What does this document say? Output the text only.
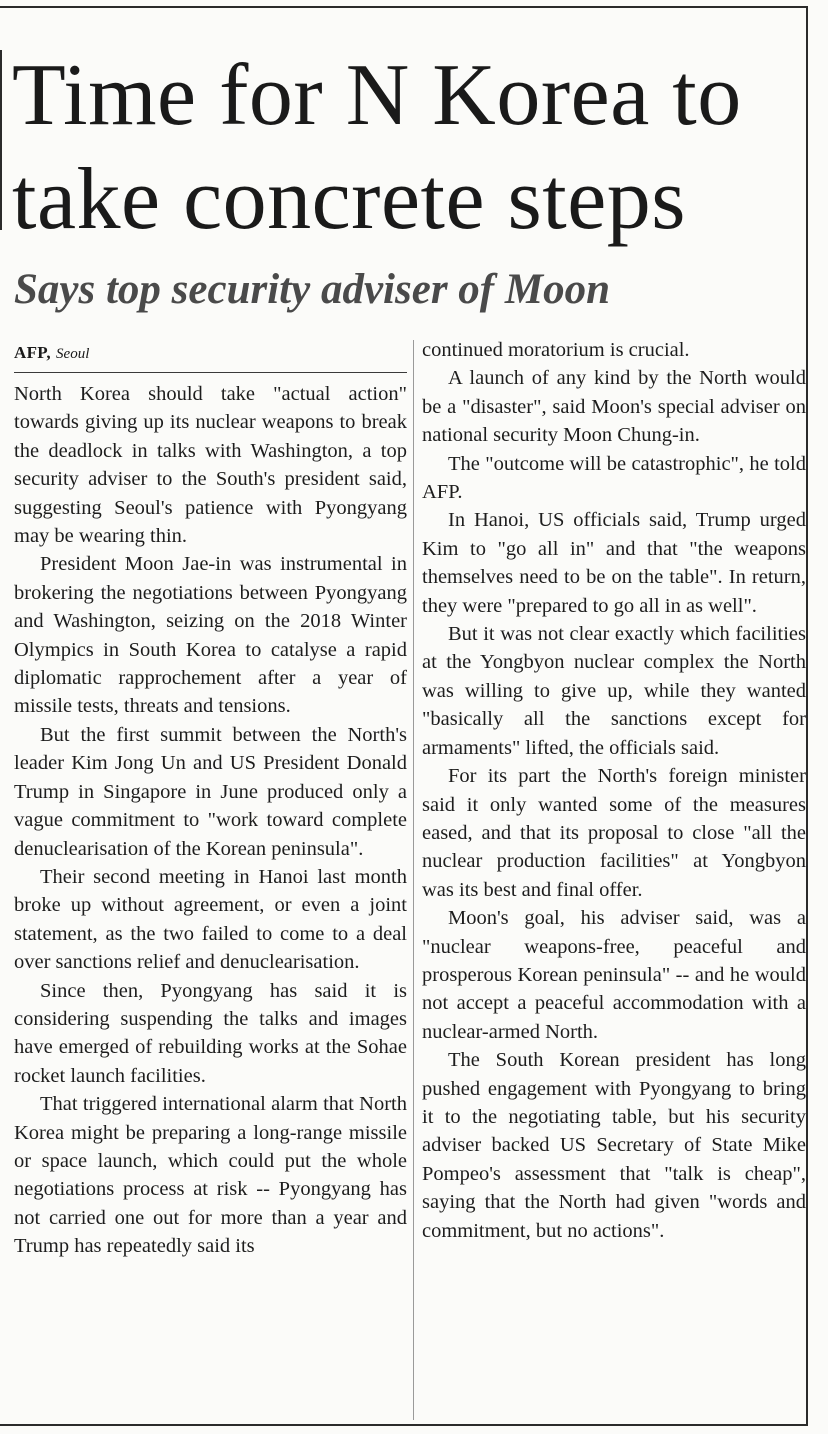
Time for N Korea to take concrete steps
Says top security adviser of Moon
AFP, Seoul

North Korea should take "actual action" towards giving up its nuclear weapons to break the deadlock in talks with Washington, a top security adviser to the South's president said, suggesting Seoul's patience with Pyongyang may be wearing thin.

President Moon Jae-in was instrumental in brokering the negotiations between Pyongyang and Washington, seizing on the 2018 Winter Olympics in South Korea to catalyse a rapid diplomatic rapprochement after a year of missile tests, threats and tensions.

But the first summit between the North's leader Kim Jong Un and US President Donald Trump in Singapore in June produced only a vague commitment to "work toward complete denuclearisation of the Korean peninsula".

Their second meeting in Hanoi last month broke up without agreement, or even a joint statement, as the two failed to come to a deal over sanctions relief and denuclearisation.

Since then, Pyongyang has said it is considering suspending the talks and images have emerged of rebuilding works at the Sohae rocket launch facilities.

That triggered international alarm that North Korea might be preparing a long-range missile or space launch, which could put the whole negotiations process at risk -- Pyongyang has not carried one out for more than a year and Trump has repeatedly said its

continued moratorium is crucial.

A launch of any kind by the North would be a "disaster", said Moon's special adviser on national security Moon Chung-in.

The "outcome will be catastrophic", he told AFP.

In Hanoi, US officials said, Trump urged Kim to "go all in" and that "the weapons themselves need to be on the table". In return, they were "prepared to go all in as well".

But it was not clear exactly which facilities at the Yongbyon nuclear complex the North was willing to give up, while they wanted "basically all the sanctions except for armaments" lifted, the officials said.

For its part the North's foreign minister said it only wanted some of the measures eased, and that its proposal to close "all the nuclear production facilities" at Yongbyon was its best and final offer.

Moon's goal, his adviser said, was a "nuclear weapons-free, peaceful and prosperous Korean peninsula" -- and he would not accept a peaceful accommodation with a nuclear-armed North.

The South Korean president has long pushed engagement with Pyongyang to bring it to the negotiating table, but his security adviser backed US Secretary of State Mike Pompeo's assessment that "talk is cheap", saying that the North had given "words and commitment, but no actions".
